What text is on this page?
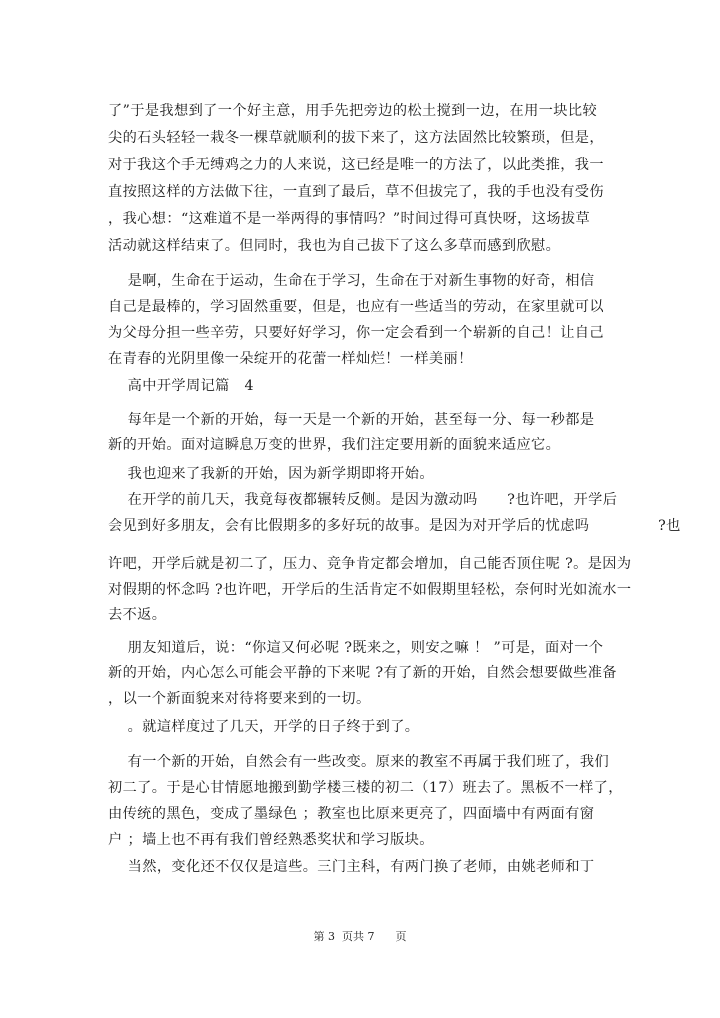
了”于是我想到了一个好主意，用手先把旁边的松土搅到一边，在用一块比较
尖的石头轻轻一栽冬一棵草就顺利的拔下来了，这方法固然比较繁琐，但是，
对于我这个手无缚鸡之力的人来说，这已经是唯一的方法了，以此类推，我一
直按照这样的方法做下往，一直到了最后，草不但拔完了，我的手也没有受伤
，我心想：“这难道不是一举两得的事情吗？”时间过得可真快呀，这场拔草
活动就这样结束了。但同时，我也为自己拔下了这么多草而感到欣慰。
是啊，生命在于运动，生命在于学习，生命在于对新生事物的好奇，相信
自己是最棒的，学习固然重要，但是，也应有一些适当的劳动，在家里就可以
为父母分担一些辛劳，只要好好学习，你一定会看到一个崭新的自己！让自己
在青春的光阴里像一朵绽开的花蕾一样灿烂！一样美丽！
高中开学周记篇   4
每年是一个新的开始，每一天是一个新的开始，甚至每一分、每一秒都是
新的开始。面对這瞬息万变的世界，我们注定要用新的面貌来适应它。
我也迎来了我新的开始，因为新学期即将开始。
在开学的前几天，我竟每夜都辗转反侧。是因为激动吗      ?也许吧，开学后
会见到好多朋友，会有比假期多的多好玩的故事。是因为对开学后的忧虑吗              ?也
许吧，开学后就是初二了，压力、竞争肯定都会增加，自己能否顶住呢 ?。是因为
对假期的怀念吗 ?也许吧，开学后的生活肯定不如假期里轻松，奈何时光如流水一
去不返。
朋友知道后，说：“你這又何必呢 ?既来之，则安之嘛 ！ ”可是，面对一个
新的开始，内心怎么可能会平静的下来呢 ?有了新的开始，自然会想要做些准备
，以一个新面貌来对待将要来到的一切。
。就這样度过了几天，开学的日子终于到了。
有一个新的开始，自然会有一些改变。原来的教室不再属于我们班了，我们
初二了。于是心甘情愿地搬到勤学楼三楼的初二（17）班去了。黑板不一样了，
由传统的黑色，变成了墨绿色 ；教室也比原来更亮了，四面墙中有两面有窗
户 ；墙上也不再有我们曾经熟悉奖状和学习版块。
当然，变化还不仅仅是這些。三门主科，有两门换了老师，由姚老师和丁
第 3  页共 7      页
